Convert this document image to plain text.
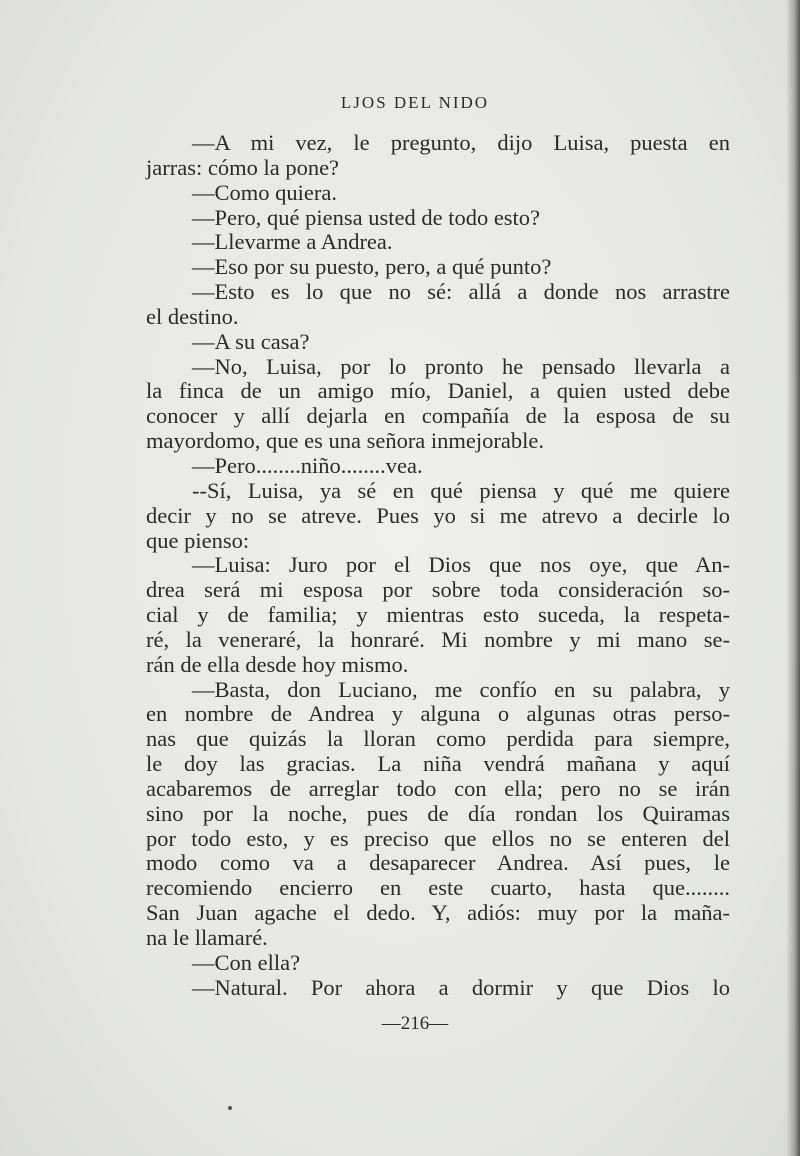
LJOS DEL NIDO
—A mi vez, le pregunto, dijo Luisa, puesta en
jarras: cómo la pone?
—Como quiera.
—Pero, qué piensa usted de todo esto?
—Llevarme a Andrea.
—Eso por su puesto, pero, a qué punto?
—Esto es lo que no sé: allá a donde nos arrastre
el destino.
—A su casa?
—No, Luisa, por lo pronto he pensado llevarla a
la finca de un amigo mío, Daniel, a quien usted debe
conocer y allí dejarla en compañía de la esposa de su
mayordomo, que es una señora inmejorable.
—Pero........niño........vea.
--Sí, Luisa, ya sé en qué piensa y qué me quiere
decir y no se atreve. Pues yo si me atrevo a decirle lo
que pienso:
—Luisa: Juro por el Dios que nos oye, que An-
drea será mi esposa por sobre toda consideración so-
cial y de familia; y mientras esto suceda, la respeta-
ré, la veneraré, la honraré. Mi nombre y mi mano se-
rán de ella desde hoy mismo.
—Basta, don Luciano, me confío en su palabra, y
en nombre de Andrea y alguna o algunas otras perso-
nas que quizás la lloran como perdida para siempre,
le doy las gracias. La niña vendrá mañana y aquí
acabaremos de arreglar todo con ella; pero no se irán
sino por la noche, pues de día rondan los Quiramas
por todo esto, y es preciso que ellos no se enteren del
modo como va a desaparecer Andrea. Así pues, le
recomiendo encierro en este cuarto, hasta que........
San Juan agache el dedo. Y, adiós: muy por la maña-
na le llamaré.
—Con ella?
—Natural. Por ahora a dormir y que Dios lo
—216—
